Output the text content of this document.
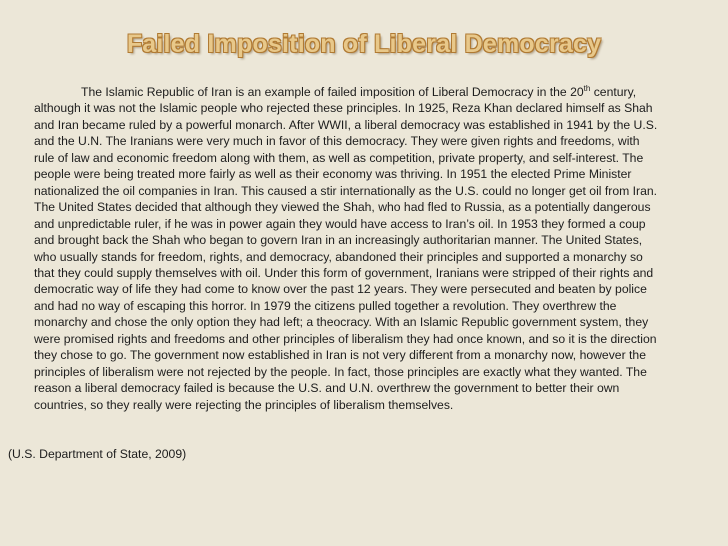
Failed Imposition of Liberal Democracy
The Islamic Republic of Iran is an example of failed imposition of Liberal Democracy in the 20th century,
although it was not the Islamic people who rejected these principles. In 1925, Reza Khan declared himself as Shah
and Iran became ruled by a powerful monarch. After WWII, a liberal democracy was established in 1941 by the U.S.
and the U.N. The Iranians were very much in favor of this democracy. They were given rights and freedoms, with
rule of law and economic freedom along with them, as well as competition, private property, and self-interest. The
people were being treated more fairly as well as their economy was thriving. In 1951 the elected Prime Minister
nationalized the oil companies in Iran. This caused a stir internationally as the U.S. could no longer get oil from Iran.
The United States decided that although they viewed the Shah, who had fled to Russia, as a potentially dangerous
and unpredictable ruler, if he was in power again they would have access to Iran’s oil. In 1953 they formed a coup
and brought back the Shah who began to govern Iran in an increasingly authoritarian manner. The United States,
who usually stands for freedom, rights, and democracy, abandoned their principles and supported a monarchy so
that they could supply themselves with oil. Under this form of government, Iranians were stripped of their rights and
democratic way of life they had come to know over the past 12 years. They were persecuted and beaten by police
and had no way of escaping this horror. In 1979 the citizens pulled together a revolution. They overthrew the
monarchy and chose the only option they had left; a theocracy. With an Islamic Republic government system, they
were promised rights and freedoms and other principles of liberalism they had once known, and so it is the direction
they chose to go. The government now established in Iran is not very different from a monarchy now, however the
principles of liberalism were not rejected by the people. In fact, those principles are exactly what they wanted. The
reason a liberal democracy failed is because the U.S. and U.N. overthrew the government to better their own
countries, so they really were rejecting the principles of liberalism themselves.
(U.S. Department of State, 2009)
